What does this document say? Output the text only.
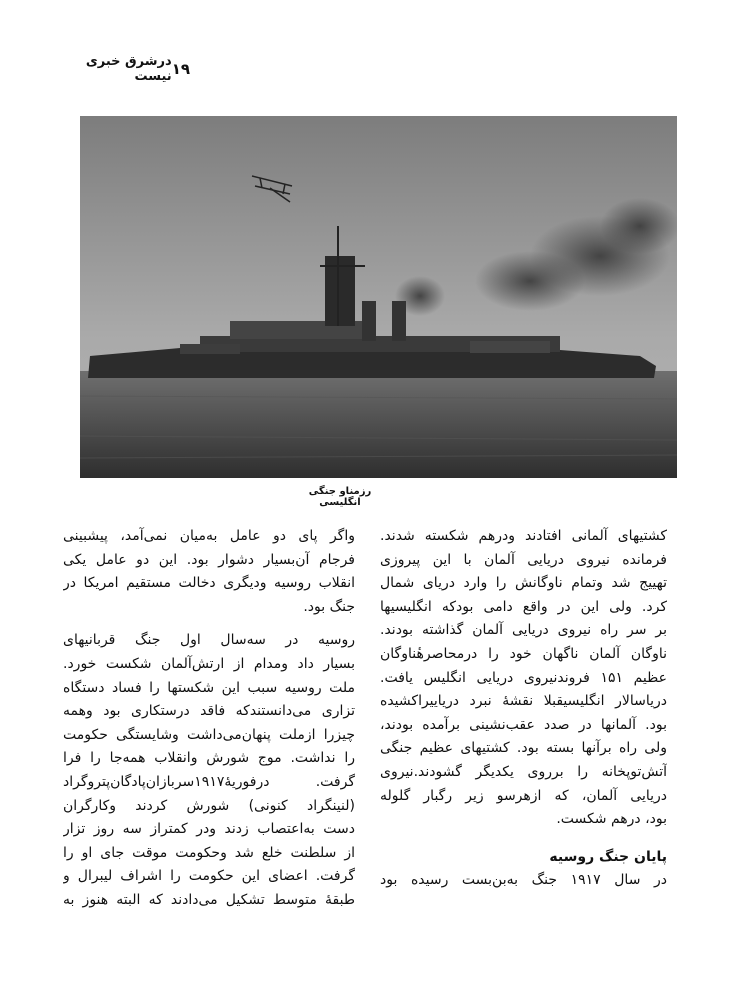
۱۹
درشرق خبری نیست
رزمناو جنگی انگلیسی
کشتیهای آلمانی افتادند ودرهم شکسته شدند.
فرمانده نیروی دریایی آلمان با این پیروزی
تهییج شد وتمام ناوگانش را وارد دریای شمال
کرد. ولی این در واقع دامی بودکه انگلیسیها
بر سر راه نیروی دریایی آلمان گذاشته بودند.
ناوگان آلمان ناگهان خود را درمحاصرهٔناوگان
عظیم ۱۵۱ فروندنیروی دریایی انگلیس یافت.
دریاسالار انگلیسیقبلا نقشهٔ نبرد دریاییراکشیده
بود. آلمانها در صدد عقب‌نشینی برآمده بودند،
ولی راه برآنها بسته بود. کشتیهای عظیم جنگی
آتش‌توپخانه را برروی یکدیگر گشودند.نیروی
دریایی آلمان، که ازهرسو زیر رگبار گلوله
بود، درهم شکست.
پایان جنگ روسیه
در سال ۱۹۱۷ جنگ به‌بن‌بست رسیده بود
واگر پای دو عامل به‌میان نمی‌آمد، پیشبینی
فرجام آن‌بسیار دشوار بود. این دو عامل یکی
انقلاب روسیه ودیگری دخالت مستقیم امریکا در
جنگ بود.
روسیه در سه‌سال اول جنگ قربانیهای
بسیار داد ومدام از ارتش‌آلمان شکست خورد.
ملت روسیه سبب این شکستها را فساد دستگاه
تزاری می‌دانستندکه فاقد درستکاری بود وهمه
چیزرا ازملت پنهان‌می‌داشت وشایستگی حکومت
را نداشت. موج شورش وانقلاب همه‌جا را فرا
گرفت. درفوریهٔ۱۹۱۷سربازان‌پادگان‌پتروگراد
(لنینگراد کنونی) شورش کردند وکارگران
دست به‌اعتصاب زدند ودر کمتراز سه روز تزار
از سلطنت خلع شد وحکومت موقت جای او را
گرفت. اعضای این حکومت را اشراف لیبرال و
طبقهٔ متوسط تشکیل می‌دادند که البته هنوز به
